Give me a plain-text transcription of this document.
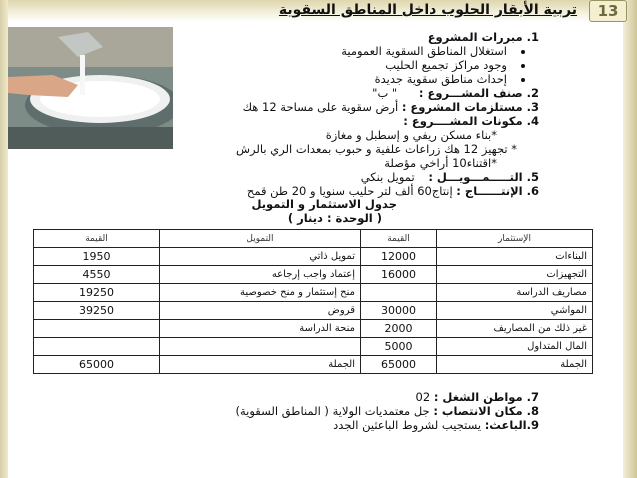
13
تربية الأبقار الحلوب داخل المناطق السقوية
1. مبررات المشروع
استغلال المناطق السقوية العمومية
وجود مراكز تجميع الحليب
إحداث مناطق سقوية جديدة
2. صنف المشـــروع : " ب"
3. مستلزمات المشروع : أرض سقوية على مساحة 12 هك
4. مكونات المشــــروع :
*بناء مسكن ريفي و إسطبل و مغازة
* تجهيز 12 هك زراعات علفية و حبوب بمعدات الري بالرش
*اقتناء10 أراخي مؤصلة
5. التـــــمـــويـــل : تمويل بنكي
6. الإنتــــــاج : إنتاج60 ألف لتر حليب سنويا و 20 طن قمح
جدول الاستثمار و التمويل
( الوحدة : دينار )
الإستثمار	القيمة	التمويل	القيمة
البناءات	12000	تمويل ذاتي	1950
التجهيزات	16000	إعتماد واجب إرجاعه	4550
مصاريف الدراسة		منح إستثمار و منح خصوصية	19250
المواشي	30000	قروض	39250
غير ذلك من المصاريف	2000	منحة الدراسة	
المال المتداول	5000		
الجملة	65000	الجملة	65000
7. مواطن الشغل : 02
8. مكان الانتصاب : جل معتمديات الولاية ( المناطق السقوية)
9.الباعث: يستجيب لشروط الباعثين الجدد
